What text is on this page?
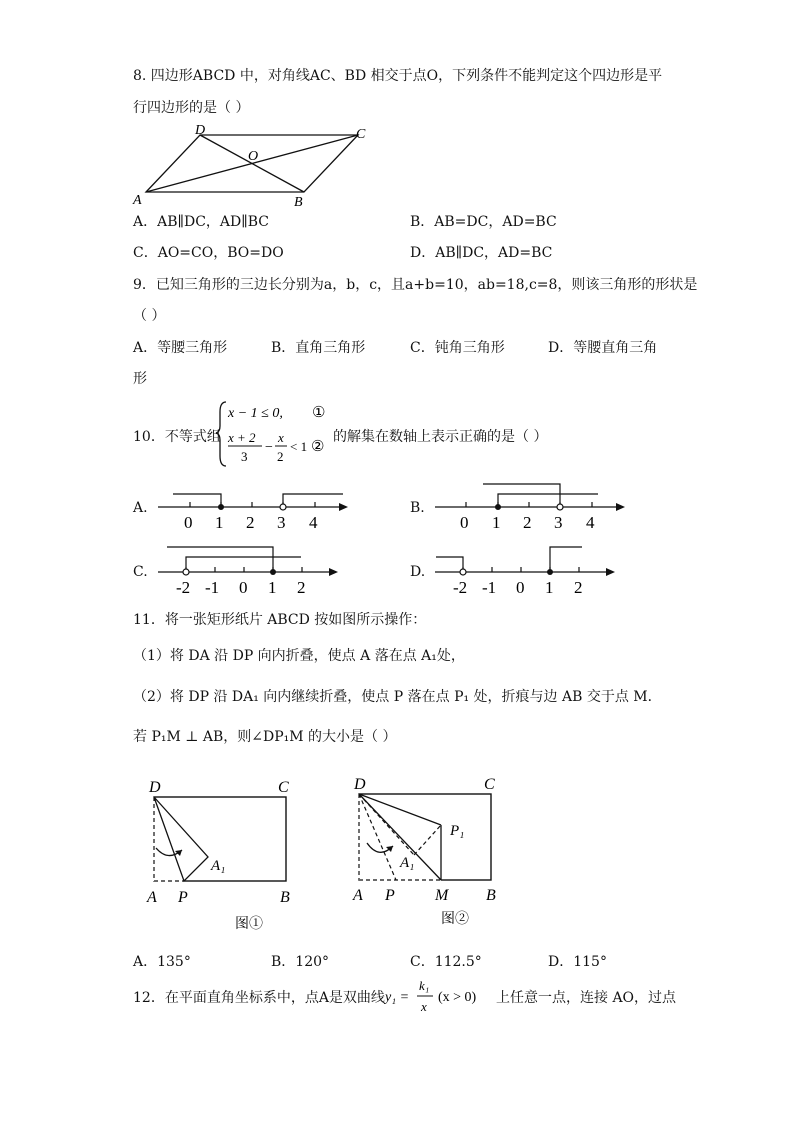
8. 四边形ABCD 中，对角线AC、BD 相交于点O，下列条件不能判定这个四边形是平
行四边形的是（ ）
A	B
C
D
O
A．AB∥DC，AD∥BC	B．AB=DC，AD=BC
C．AO=CO，BO=DO	D．AB∥DC，AD=BC
9．已知三角形的三边长分别为a，b，c，且a+b=10，ab=18,c=8，则该三角形的形状是
（ ）
A．等腰三角形	B．直角三角形	C．钝角三角形	D．等腰直角三角
形
10．不等式组
x − 1 ≤ 0, ①
x + 2
3
−
x
2
< 1 ②
的解集在数轴上表示正确的是（ ）
A.
0 1 2 3 4
B.
0 1 2 3 4
C.
-2 -1 0 1 2
D.
-2 -1 0 1 2
11．将一张矩形纸片 ABCD 按如图所示操作：
（1）将 DA 沿 DP 向内折叠，使点 A 落在点 A₁处，
（2）将 DP 沿 DA₁ 向内继续折叠，使点 P 落在点 P₁ 处，折痕与边 AB 交于点 M．
若 P₁M ⊥ AB，则∠DP₁M 的大小是（ ）
D	C
A P	B
A₁
图①
D	C
A P	M B
A₁
P₁
图②
A．135°	B．120°	C．112.5°	D．115°
12．在平面直角坐标系中，点A是双曲线 y₁ =
k₁
x
(x > 0) 上任意一点，连接 AO，过点
